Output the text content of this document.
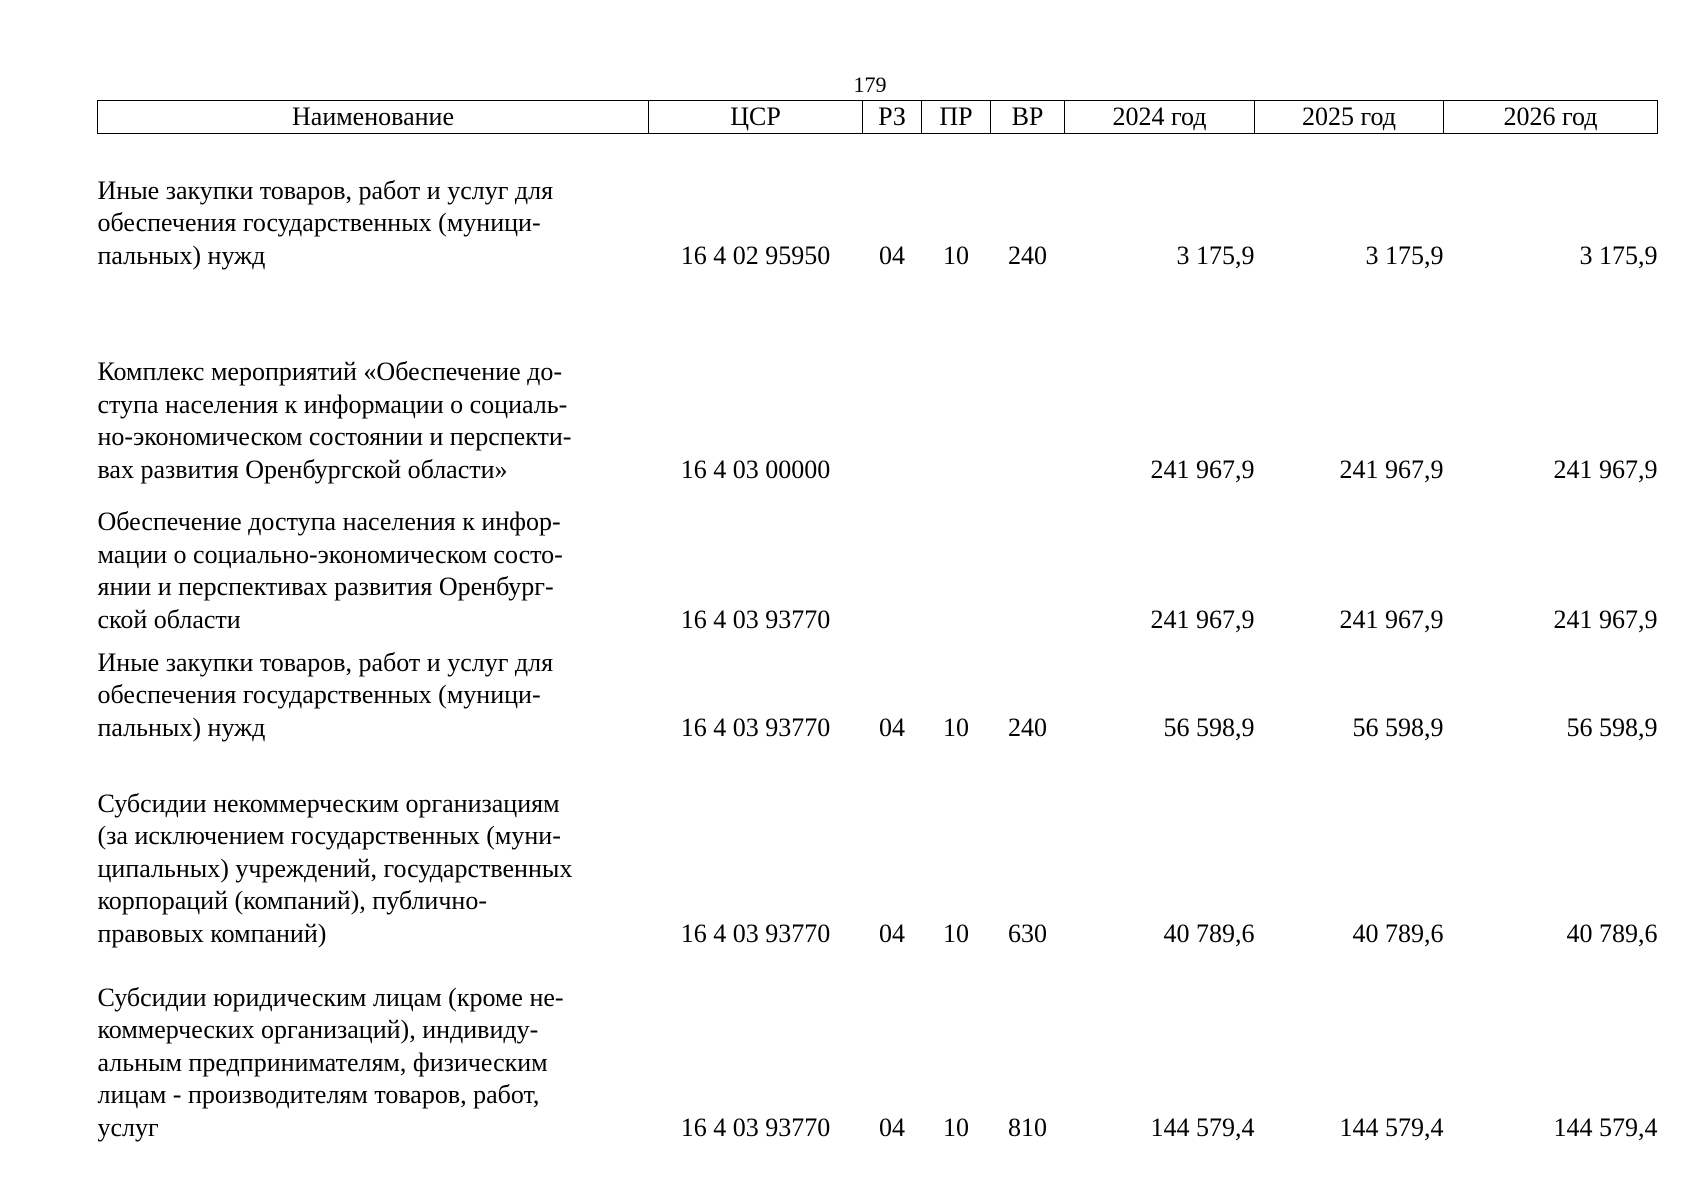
179
Наименование	ЦСР	РЗ	ПР	ВР	2024 год	2025 год	2026 год

Иные закупки товаров, работ и услуг для
обеспечения государственных (муници-
пальных) нужд	16 4 02 95950	04	10	240	3 175,9	3 175,9	3 175,9

Комплекс мероприятий «Обеспечение до-
ступа населения к информации о социаль-
но-экономическом состоянии и перспекти-
вах развития Оренбургской области»	16 4 03 00000				241 967,9	241 967,9	241 967,9

Обеспечение доступа населения к инфор-
мации о социально-экономическом состо-
янии и перспективах развития Оренбург-
ской области	16 4 03 93770				241 967,9	241 967,9	241 967,9

Иные закупки товаров, работ и услуг для
обеспечения государственных (муници-
пальных) нужд	16 4 03 93770	04	10	240	56 598,9	56 598,9	56 598,9

Субсидии некоммерческим организациям
(за исключением государственных (муни-
ципальных) учреждений, государственных
корпораций (компаний), публично-
правовых компаний)	16 4 03 93770	04	10	630	40 789,6	40 789,6	40 789,6

Субсидии юридическим лицам (кроме не-
коммерческих организаций), индивиду-
альным предпринимателям, физическим
лицам - производителям товаров, работ,
услуг	16 4 03 93770	04	10	810	144 579,4	144 579,4	144 579,4
